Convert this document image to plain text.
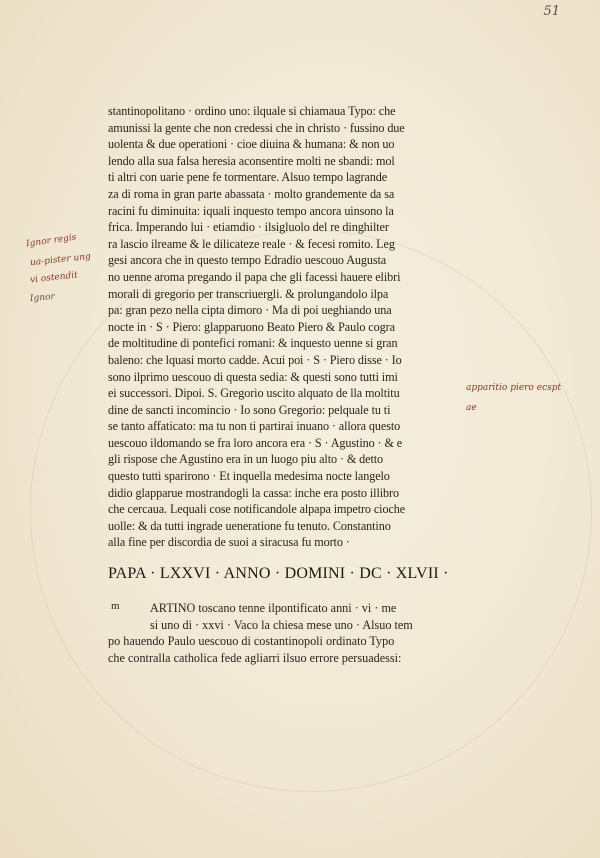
51
stantinopolitano · ordino uno: ilquale si chiamaua Typo: che
amunissi la gente che non credessi che in christo · fussino due
uolenta & due operationi · cioe diuina & humana: & non uo
lendo alla sua falsa heresia aconsentire molti ne sbandi: mol
ti altri con uarie pene fe tormentare. Alsuo tempo lagrande
za di roma in gran parte abassata · molto grandemente da sa
racini fu diminuita: iquali inquesto tempo ancora uinsono la
frica. Imperando lui · etiamdio · ilsigluolo del re dinghilter
ra lascio ilreame & le dilicateze reale · & fecesi romito. Leg
gesi ancora che in questo tempo Edradio uescouo Augusta
no uenne aroma pregando il papa che gli facessi hauere elibri
morali di gregorio per transcriuergli. & prolungandolo ilpa
pa: gran pezo nella cipta dimoro · Ma di poi ueghiando una
nocte in · S · Piero: glapparuono Beato Piero & Paulo cogra
de moltitudine di pontefici romani: & inquesto uenne si gran
baleno: che lquasi morto cadde. Acui poi · S · Piero disse · Io
sono ilprimo uescouo di questa sedia: & questi sono tutti imi
ei successori. Dipoi. S. Gregorio uscito alquato de lla moltitu
dine de sancti incomincio · Io sono Gregorio: pelquale tu ti
se tanto affaticato: ma tu non ti partirai inuano · allora questo
uescouo ildomando se fra loro ancora era · S · Agustino · & e
gli rispose che Agustino era in un luogo piu alto · & detto
questo tutti sparirono · Et inquella medesima nocte langelo
didio glapparue mostrandogli la cassa: inche era posto illibro
che cercaua. Lequali cose notificandole alpapa impetro cioche
uolle: & da tutti ingrade ueneratione fu tenuto. Constantino
alla fine per discordia de suoi a siracusa fu morto ·
Ignor regis
ua-pister ung
vi ostendit
Ignor
apparitio piero ecspt
ae
PAPA · LXXVI · ANNO · DOMINI · DC · XLVII ·
m	ARTINO toscano tenne ilpontificato anni · vi · me
si uno di · xxvi · Vaco la chiesa mese uno · Alsuo tem
po hauendo Paulo uescouo di costantinopoli ordinato Typo
che contralla catholica fede agliarri ilsuo errore persuadessi:
